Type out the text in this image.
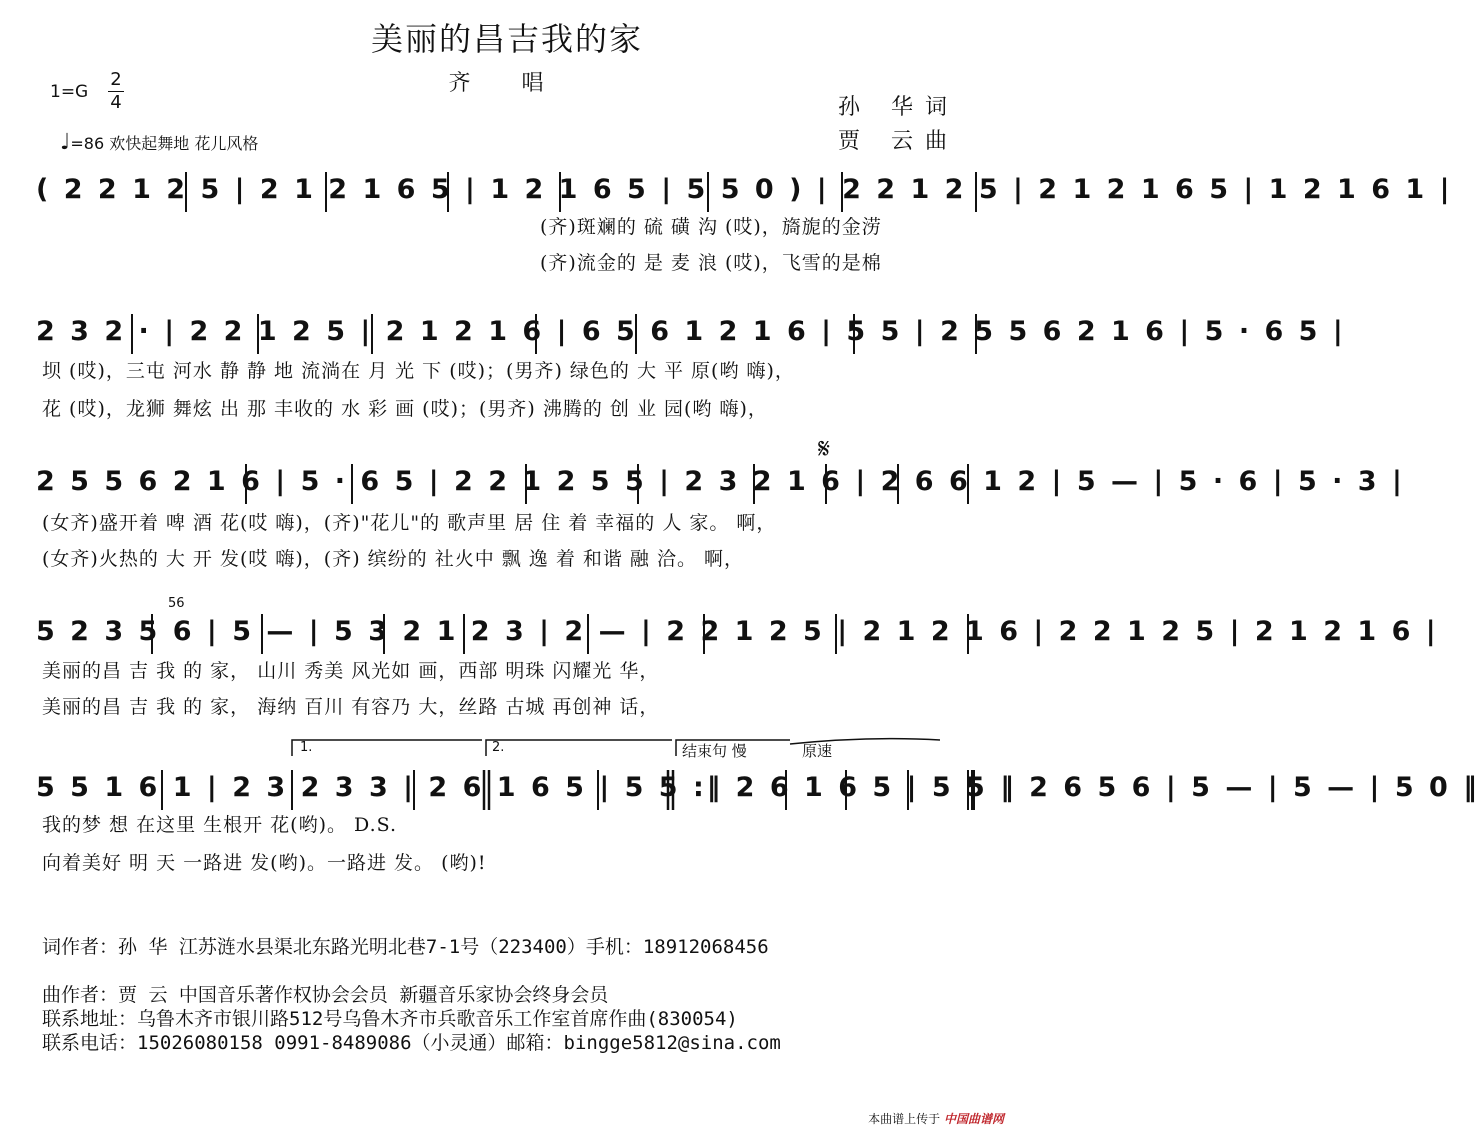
美丽的昌吉我的家
齐 唱
1=G
2
4
♩=86 欢快起舞地 花儿风格
孙 华词
贾 云曲
( 2 2 1 2 5 | 2 1 2 1 6 5 | 1 2 1 6 5 | 5 5 0 ) | 2 2 1 2 5 | 2 1 2 1 6 5 | 1 2 1 6 1 |
(齐)斑斓的 硫 磺 沟 (哎)，旖旎的金涝
(齐)流金的 是 麦 浪 (哎)，飞雪的是棉
2 3 2 · | 2 2 1 2 5 | 2 1 2 1 6 | 6 5 6 1 2 1 6 | 5 5 | 2 5 5 6 2 1 6 | 5 · 6 5 |
坝 (哎)，三屯 河水 静 静 地 流淌在 月 光 下 (哎)；(男齐) 绿色的 大 平 原(哟 嗨)，
花 (哎)，龙狮 舞炫 出 那 丰收的 水 彩 画 (哎)；(男齐) 沸腾的 创 业 园(哟 嗨)，
2 5 5 6 2 1 6 | 5 · 6 5 | 2 2 1 2 5 5 | 2 3 2 1 6 | 2 6 6 1 2 | 5 — | 5 · 6 | 5 · 3 |
𝄋
(女齐)盛开着 啤 酒 花(哎 嗨)，(齐)"花儿"的 歌声里 居 住 着 幸福的 人 家。 啊，
(女齐)火热的 大 开 发(哎 嗨)，(齐) 缤纷的 社火中 飘 逸 着 和谐 融 洽。 啊，
5 2 3 5 6 | 5 — | 5 3 2 1 2 3 | 2 — | 2 2 1 2 5 | 2 1 2 1 6 | 2 2 1 2 5 | 2 1 2 1 6 |
56
美丽的昌 吉 我 的 家， 山川 秀美 风光如 画，西部 明珠 闪耀光 华，
美丽的昌 吉 我 的 家， 海纳 百川 有容乃 大，丝路 古城 再创神 话，
1.	2.	结束句 慢	原速
5 5 1 6 1 | 2 3 2 3 3 | 2 6 1 6 5 | 5 5 :‖ 2 6 1 6 5 | 5 5 ‖ 2 6 5 6 | 5 — | 5 — | 5 0 ‖
我的梦 想 在这里 生根开 花(哟)。 D.S.
向着美好 明 天 一路进 发(哟)。一路进 发。 (哟)!
词作者：孙 华 江苏涟水县渠北东路光明北巷7-1号（223400）手机：18912068456
曲作者：贾 云 中国音乐著作权协会会员 新疆音乐家协会终身会员
联系地址：乌鲁木齐市银川路512号乌鲁木齐市兵歌音乐工作室首席作曲(830054)
联系电话：15026080158 0991-8489086（小灵通）邮箱：bingge5812@sina.com
本曲谱上传于 中国曲谱网
